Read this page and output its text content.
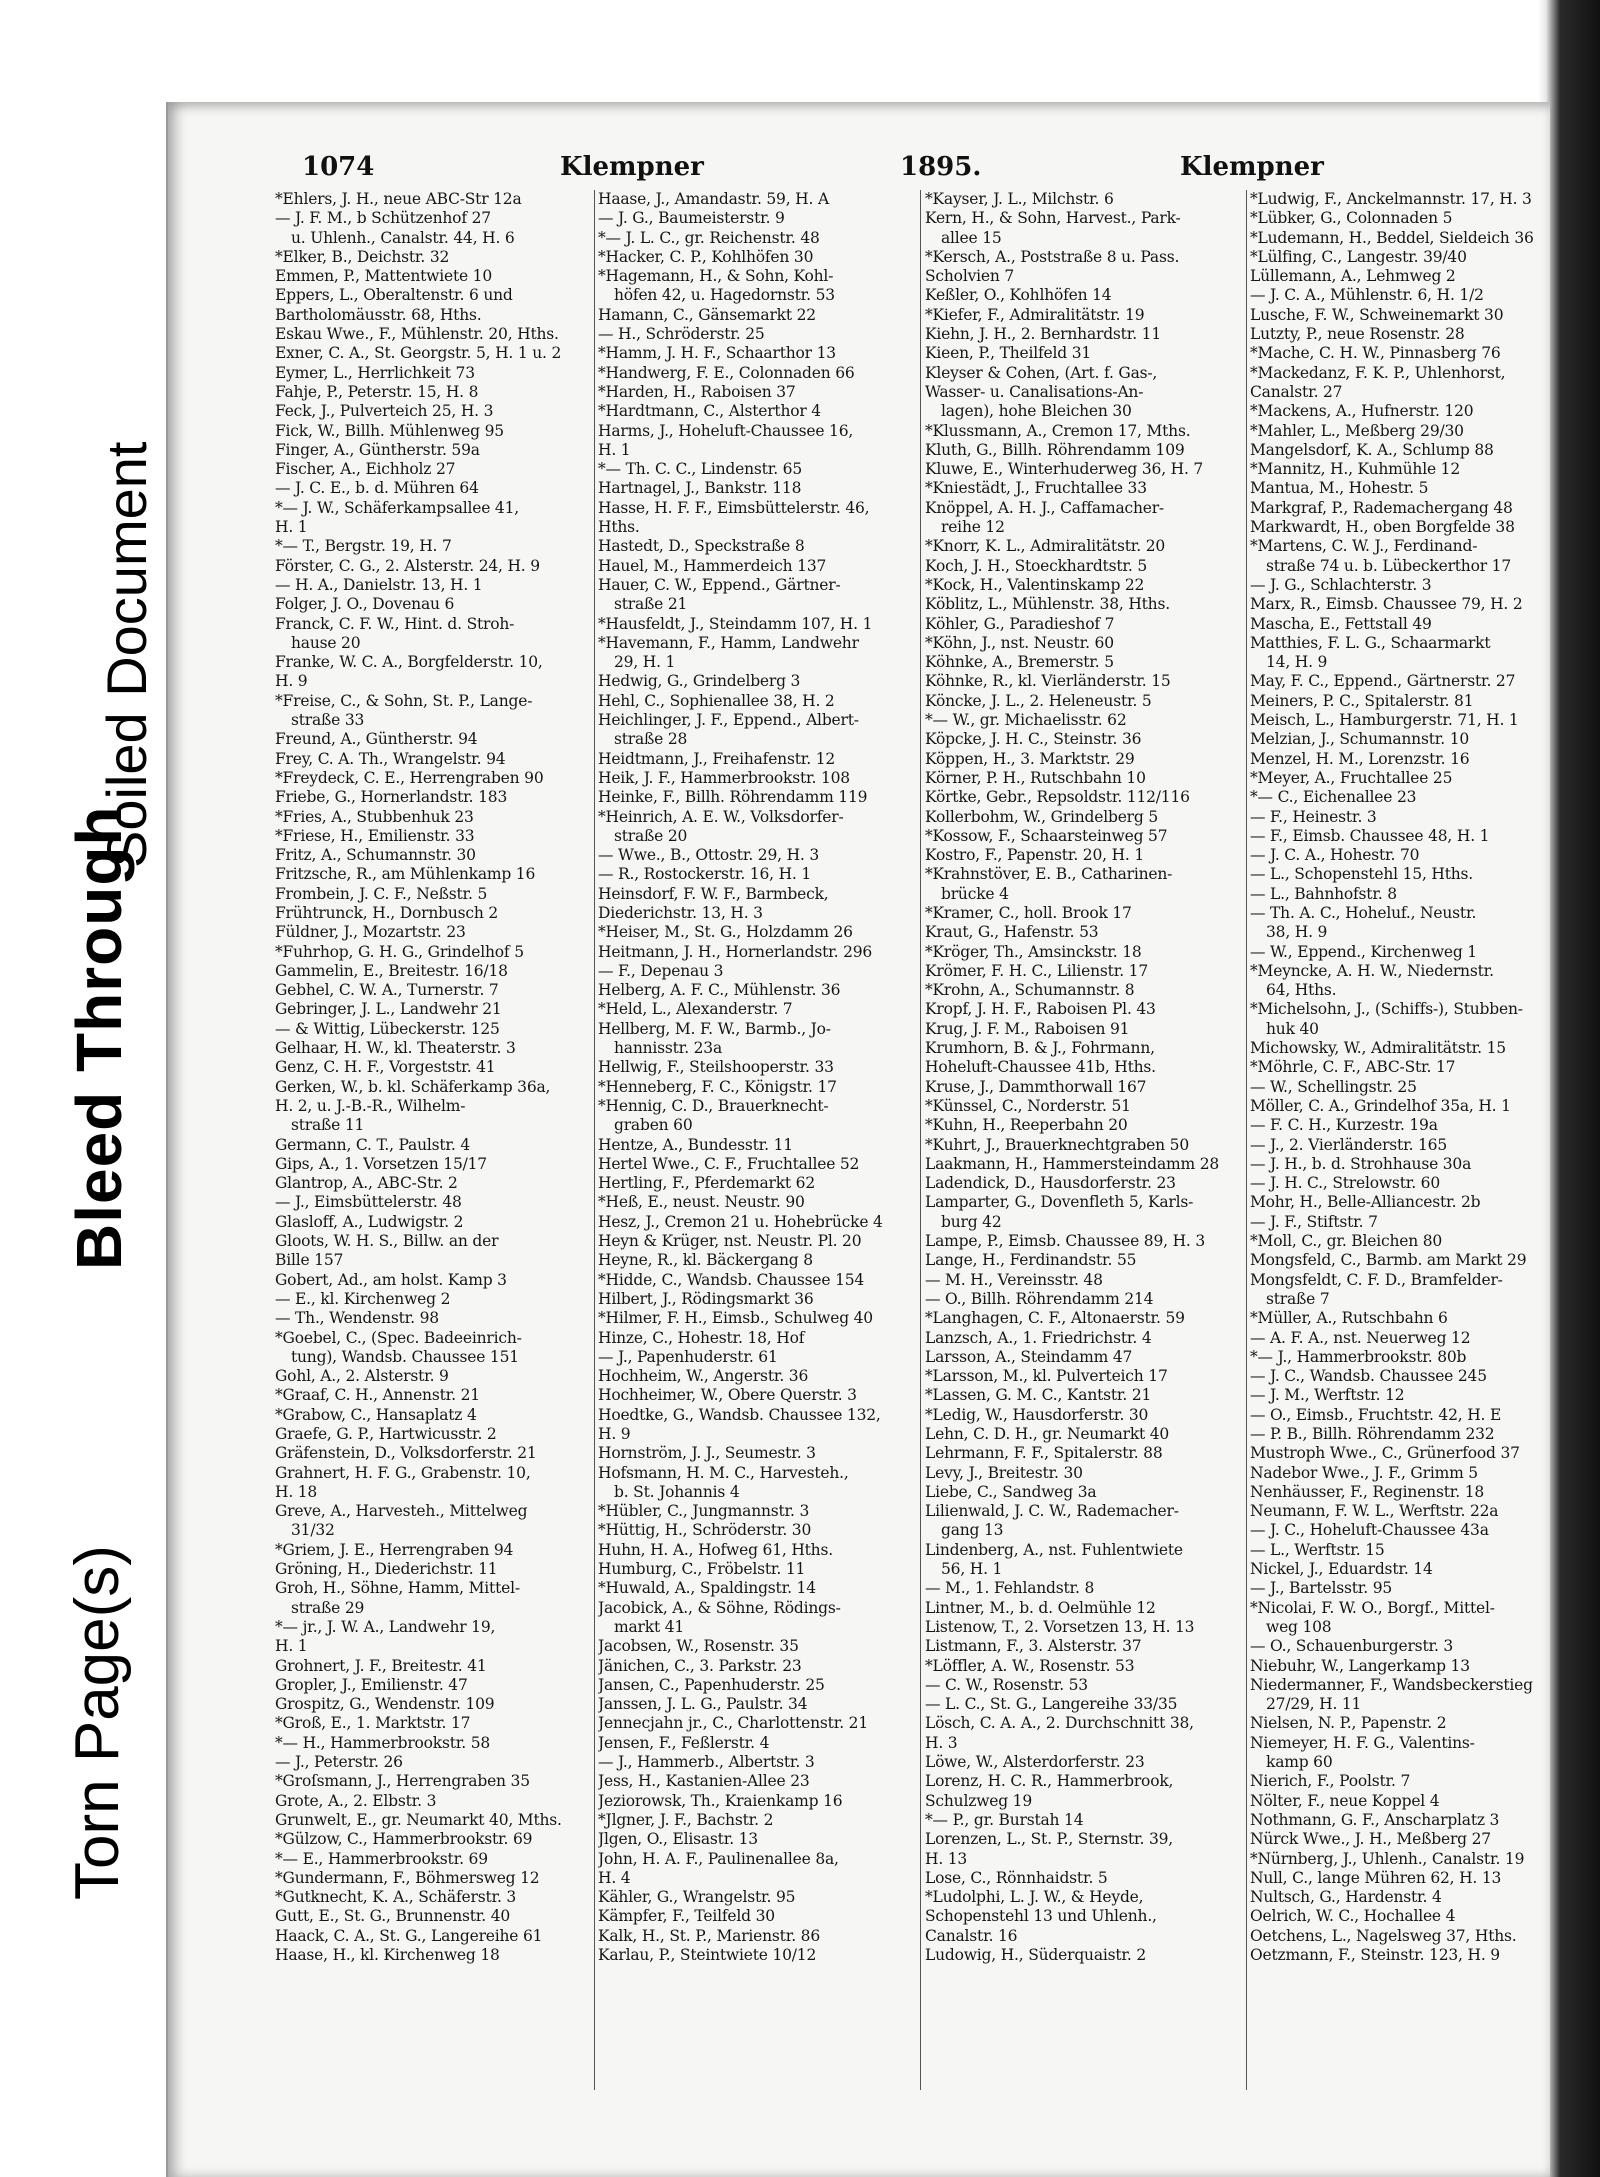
Bleed Through
Soiled Document
Torn Page(s)
1074	Klempner	1895.	Klempner
*Ehlers, J. H., neue ABC-Str 12a
— J. F. M., b Schützenhof 27
u. Uhlenh., Canalstr. 44, H. 6
*Elker, B., Deichstr. 32
Emmen, P., Mattentwiete 10
Eppers, L., Oberaltenstr. 6 und
Bartholomäusstr. 68, Hths.
Eskau Wwe., F., Mühlenstr. 20, Hths.
Exner, C. A., St. Georgstr. 5, H. 1 u. 2
Eymer, L., Herrlichkeit 73
Fahje, P., Peterstr. 15, H. 8
Feck, J., Pulverteich 25, H. 3
Fick, W., Billh. Mühlenweg 95
Finger, A., Güntherstr. 59a
Fischer, A., Eichholz 27
— J. C. E., b. d. Mühren 64
*— J. W., Schäferkampsallee 41,
H. 1
*— T., Bergstr. 19, H. 7
Förster, C. G., 2. Alsterstr. 24, H. 9
— H. A., Danielstr. 13, H. 1
Folger, J. O., Dovenau 6
Franck, C. F. W., Hint. d. Stroh-
hause 20
Franke, W. C. A., Borgfelderstr. 10,
H. 9
*Freise, C., & Sohn, St. P., Lange-
straße 33
Freund, A., Güntherstr. 94
Frey, C. A. Th., Wrangelstr. 94
*Freydeck, C. E., Herrengraben 90
Friebe, G., Hornerlandstr. 183
*Fries, A., Stubbenhuk 23
*Friese, H., Emilienstr. 33
Fritz, A., Schumannstr. 30
Fritzsche, R., am Mühlenkamp 16
Frombein, J. C. F., Neßstr. 5
Frühtrunck, H., Dornbusch 2
Füldner, J., Mozartstr. 23
*Fuhrhop, G. H. G., Grindelhof 5
Gammelin, E., Breitestr. 16/18
Gebhel, C. W. A., Turnerstr. 7
Gebringer, J. L., Landwehr 21
— & Wittig, Lübeckerstr. 125
Gelhaar, H. W., kl. Theaterstr. 3
Genz, C. H. F., Vorgeststr. 41
Gerken, W., b. kl. Schäferkamp 36a,
H. 2, u. J.-B.-R., Wilhelm-
straße 11
Germann, C. T., Paulstr. 4
Gips, A., 1. Vorsetzen 15/17
Glantrop, A., ABC-Str. 2
— J., Eimsbüttelerstr. 48
Glasloff, A., Ludwigstr. 2
Gloots, W. H. S., Billw. an der
Bille 157
Gobert, Ad., am holst. Kamp 3
— E., kl. Kirchenweg 2
— Th., Wendenstr. 98
*Goebel, C., (Spec. Badeeinrich-
tung), Wandsb. Chaussee 151
Gohl, A., 2. Alsterstr. 9
*Graaf, C. H., Annenstr. 21
*Grabow, C., Hansaplatz 4
Graefe, G. P., Hartwicusstr. 2
Gräfenstein, D., Volksdorferstr. 21
Grahnert, H. F. G., Grabenstr. 10,
H. 18
Greve, A., Harvesteh., Mittelweg
31/32
*Griem, J. E., Herrengraben 94
Gröning, H., Diederichstr. 11
Groh, H., Söhne, Hamm, Mittel-
straße 29
*— jr., J. W. A., Landwehr 19,
H. 1
Grohnert, J. F., Breitestr. 41
Gropler, J., Emilienstr. 47
Grospitz, G., Wendenstr. 109
*Groß, E., 1. Marktstr. 17
*— H., Hammerbrookstr. 58
— J., Peterstr. 26
*Groſsmann, J., Herrengraben 35
Grote, A., 2. Elbstr. 3
Grunwelt, E., gr. Neumarkt 40, Mths.
*Gülzow, C., Hammerbrookstr. 69
*— E., Hammerbrookstr. 69
*Gundermann, F., Böhmersweg 12
*Gutknecht, K. A., Schäferstr. 3
Gutt, E., St. G., Brunnenstr. 40
Haack, C. A., St. G., Langereihe 61
Haase, H., kl. Kirchenweg 18
Haase, J., Amandastr. 59, H. A
— J. G., Baumeisterstr. 9
*— J. L. C., gr. Reichenstr. 48
*Hacker, C. P., Kohlhöfen 30
*Hagemann, H., & Sohn, Kohl-
höfen 42, u. Hagedornstr. 53
Hamann, C., Gänsemarkt 22
— H., Schröderstr. 25
*Hamm, J. H. F., Schaarthor 13
*Handwerg, F. E., Colonnaden 66
*Harden, H., Raboisen 37
*Hardtmann, C., Alsterthor 4
Harms, J., Hoheluft-Chaussee 16,
H. 1
*— Th. C. C., Lindenstr. 65
Hartnagel, J., Bankstr. 118
Hasse, H. F. F., Eimsbüttelerstr. 46,
Hths.
Hastedt, D., Speckstraße 8
Hauel, M., Hammerdeich 137
Hauer, C. W., Eppend., Gärtner-
straße 21
*Hausfeldt, J., Steindamm 107, H. 1
*Havemann, F., Hamm, Landwehr
29, H. 1
Hedwig, G., Grindelberg 3
Hehl, C., Sophienallee 38, H. 2
Heichlinger, J. F., Eppend., Albert-
straße 28
Heidtmann, J., Freihafenstr. 12
Heik, J. F., Hammerbrookstr. 108
Heinke, F., Billh. Röhrendamm 119
*Heinrich, A. E. W., Volksdorfer-
straße 20
— Wwe., B., Ottostr. 29, H. 3
— R., Rostockerstr. 16, H. 1
Heinsdorf, F. W. F., Barmbeck,
Diederichstr. 13, H. 3
*Heiser, M., St. G., Holzdamm 26
Heitmann, J. H., Hornerlandstr. 296
— F., Depenau 3
Helberg, A. F. C., Mühlenstr. 36
*Held, L., Alexanderstr. 7
Hellberg, M. F. W., Barmb., Jo-
hannisstr. 23a
Hellwig, F., Steilshooperstr. 33
*Henneberg, F. C., Königstr. 17
*Hennig, C. D., Brauerknecht-
graben 60
Hentze, A., Bundesstr. 11
Hertel Wwe., C. F., Fruchtallee 52
Hertling, F., Pferdemarkt 62
*Heß, E., neust. Neustr. 90
Hesz, J., Cremon 21 u. Hohebrücke 4
Heyn & Krüger, nst. Neustr. Pl. 20
Heyne, R., kl. Bäckergang 8
*Hidde, C., Wandsb. Chaussee 154
Hilbert, J., Rödingsmarkt 36
*Hilmer, F. H., Eimsb., Schulweg 40
Hinze, C., Hohestr. 18, Hof
— J., Papenhuderstr. 61
Hochheim, W., Angerstr. 36
Hochheimer, W., Obere Querstr. 3
Hoedtke, G., Wandsb. Chaussee 132,
H. 9
Hornström, J. J., Seumestr. 3
Hofsmann, H. M. C., Harvesteh.,
b. St. Johannis 4
*Hübler, C., Jungmannstr. 3
*Hüttig, H., Schröderstr. 30
Huhn, H. A., Hofweg 61, Hths.
Humburg, C., Fröbelstr. 11
*Huwald, A., Spaldingstr. 14
Jacobick, A., & Söhne, Rödings-
markt 41
Jacobsen, W., Rosenstr. 35
Jänichen, C., 3. Parkstr. 23
Jansen, C., Papenhuderstr. 25
Janssen, J. L. G., Paulstr. 34
Jennecjahn jr., C., Charlottenstr. 21
Jensen, F., Feßlerstr. 4
— J., Hammerb., Albertstr. 3
Jess, H., Kastanien-Allee 23
Jeziorowsk, Th., Kraienkamp 16
*Jlgner, J. F., Bachstr. 2
Jlgen, O., Elisastr. 13
John, H. A. F., Paulinenallee 8a,
H. 4
Kähler, G., Wrangelstr. 95
Kämpfer, F., Teilfeld 30
Kalk, H., St. P., Marienstr. 86
Karlau, P., Steintwiete 10/12
*Kayser, J. L., Milchstr. 6
Kern, H., & Sohn, Harvest., Park-
allee 15
*Kersch, A., Poststraße 8 u. Pass.
Scholvien 7
Keßler, O., Kohlhöfen 14
*Kiefer, F., Admiralitätstr. 19
Kiehn, J. H., 2. Bernhardstr. 11
Kieen, P., Theilfeld 31
Kleyser & Cohen, (Art. f. Gas-,
Wasser- u. Canalisations-An-
lagen), hohe Bleichen 30
*Klussmann, A., Cremon 17, Mths.
Kluth, G., Billh. Röhrendamm 109
Kluwe, E., Winterhuderweg 36, H. 7
*Kniestädt, J., Fruchtallee 33
Knöppel, A. H. J., Caffamacher-
reihe 12
*Knorr, K. L., Admiralitätstr. 20
Koch, J. H., Stoeckhardtstr. 5
*Kock, H., Valentinskamp 22
Köblitz, L., Mühlenstr. 38, Hths.
Köhler, G., Paradieshof 7
*Köhn, J., nst. Neustr. 60
Köhnke, A., Bremerstr. 5
Köhnke, R., kl. Vierländerstr. 15
Köncke, J. L., 2. Heleneustr. 5
*— W., gr. Michaelisstr. 62
Köpcke, J. H. C., Steinstr. 36
Köppen, H., 3. Marktstr. 29
Körner, P. H., Rutschbahn 10
Körtke, Gebr., Repsoldstr. 112/116
Kollerbohm, W., Grindelberg 5
*Kossow, F., Schaarsteinweg 57
Kostro, F., Papenstr. 20, H. 1
*Krahnstöver, E. B., Catharinen-
brücke 4
*Kramer, C., holl. Brook 17
Kraut, G., Hafenstr. 53
*Kröger, Th., Amsinckstr. 18
Krömer, F. H. C., Lilienstr. 17
*Krohn, A., Schumannstr. 8
Kropf, J. H. F., Raboisen Pl. 43
Krug, J. F. M., Raboisen 91
Krumhorn, B. & J., Fohrmann,
Hoheluft-Chaussee 41b, Hths.
Kruse, J., Dammthorwall 167
*Künssel, C., Norderstr. 51
*Kuhn, H., Reeperbahn 20
*Kuhrt, J., Brauerknechtgraben 50
Laakmann, H., Hammersteindamm 28
Ladendick, D., Hausdorferstr. 23
Lamparter, G., Dovenfleth 5, Karls-
burg 42
Lampe, P., Eimsb. Chaussee 89, H. 3
Lange, H., Ferdinandstr. 55
— M. H., Vereinsstr. 48
— O., Billh. Röhrendamm 214
*Langhagen, C. F., Altonaerstr. 59
Lanzsch, A., 1. Friedrichstr. 4
Larsson, A., Steindamm 47
*Larsson, M., kl. Pulverteich 17
*Lassen, G. M. C., Kantstr. 21
*Ledig, W., Hausdorferstr. 30
Lehn, C. D. H., gr. Neumarkt 40
Lehrmann, F. F., Spitalerstr. 88
Levy, J., Breitestr. 30
Liebe, C., Sandweg 3a
Lilienwald, J. C. W., Rademacher-
gang 13
Lindenberg, A., nst. Fuhlentwiete
56, H. 1
— M., 1. Fehlandstr. 8
Lintner, M., b. d. Oelmühle 12
Listenow, T., 2. Vorsetzen 13, H. 13
Listmann, F., 3. Alsterstr. 37
*Löffler, A. W., Rosenstr. 53
— C. W., Rosenstr. 53
— L. C., St. G., Langereihe 33/35
Lösch, C. A. A., 2. Durchschnitt 38,
H. 3
Löwe, W., Alsterdorferstr. 23
Lorenz, H. C. R., Hammerbrook,
Schulzweg 19
*— P., gr. Burstah 14
Lorenzen, L., St. P., Sternstr. 39,
H. 13
Lose, C., Rönnhaidstr. 5
*Ludolphi, L. J. W., & Heyde,
Schopenstehl 13 und Uhlenh.,
Canalstr. 16
Ludowig, H., Süderquaistr. 2
*Ludwig, F., Anckelmannstr. 17, H. 3
*Lübker, G., Colonnaden 5
*Ludemann, H., Beddel, Sieldeich 36
*Lülfing, C., Langestr. 39/40
Lüllemann, A., Lehmweg 2
— J. C. A., Mühlenstr. 6, H. 1/2
Lusche, F. W., Schweinemarkt 30
Lutzty, P., neue Rosenstr. 28
*Mache, C. H. W., Pinnasberg 76
*Mackedanz, F. K. P., Uhlenhorst,
Canalstr. 27
*Mackens, A., Hufnerstr. 120
*Mahler, L., Meßberg 29/30
Mangelsdorf, K. A., Schlump 88
*Mannitz, H., Kuhmühle 12
Mantua, M., Hohestr. 5
Markgraf, P., Rademachergang 48
Markwardt, H., oben Borgfelde 38
*Martens, C. W. J., Ferdinand-
straße 74 u. b. Lübeckerthor 17
— J. G., Schlachterstr. 3
Marx, R., Eimsb. Chaussee 79, H. 2
Mascha, E., Fettstall 49
Matthies, F. L. G., Schaarmarkt
14, H. 9
May, F. C., Eppend., Gärtnerstr. 27
Meiners, P. C., Spitalerstr. 81
Meisch, L., Hamburgerstr. 71, H. 1
Melzian, J., Schumannstr. 10
Menzel, H. M., Lorenzstr. 16
*Meyer, A., Fruchtallee 25
*— C., Eichenallee 23
— F., Heinestr. 3
— F., Eimsb. Chaussee 48, H. 1
— J. C. A., Hohestr. 70
— L., Schopenstehl 15, Hths.
— L., Bahnhofstr. 8
— Th. A. C., Hoheluf., Neustr.
38, H. 9
— W., Eppend., Kirchenweg 1
*Meyncke, A. H. W., Niedernstr.
64, Hths.
*Michelsohn, J., (Schiffs-), Stubben-
huk 40
Michowsky, W., Admiralitätstr. 15
*Möhrle, C. F., ABC-Str. 17
— W., Schellingstr. 25
Möller, C. A., Grindelhof 35a, H. 1
— F. C. H., Kurzestr. 19a
— J., 2. Vierländerstr. 165
— J. H., b. d. Strohhause 30a
— J. H. C., Strelowstr. 60
Mohr, H., Belle-Alliancestr. 2b
— J. F., Stiftstr. 7
*Moll, C., gr. Bleichen 80
Mongsfeld, C., Barmb. am Markt 29
Mongsfeldt, C. F. D., Bramfelder-
straße 7
*Müller, A., Rutschbahn 6
— A. F. A., nst. Neuerweg 12
*— J., Hammerbrookstr. 80b
— J. C., Wandsb. Chaussee 245
— J. M., Werftstr. 12
— O., Eimsb., Fruchtstr. 42, H. E
— P. B., Billh. Röhrendamm 232
Mustroph Wwe., C., Grünerfood 37
Nadebor Wwe., J. F., Grimm 5
Nenhäusser, F., Reginenstr. 18
Neumann, F. W. L., Werftstr. 22a
— J. C., Hoheluft-Chaussee 43a
— L., Werftstr. 15
Nickel, J., Eduardstr. 14
— J., Bartelsstr. 95
*Nicolai, F. W. O., Borgf., Mittel-
weg 108
— O., Schauenburgerstr. 3
Niebuhr, W., Langerkamp 13
Niedermanner, F., Wandsbeckerstieg
27/29, H. 11
Nielsen, N. P., Papenstr. 2
Niemeyer, H. F. G., Valentins-
kamp 60
Nierich, F., Poolstr. 7
Nölter, F., neue Koppel 4
Nothmann, G. F., Anscharplatz 3
Nürck Wwe., J. H., Meßberg 27
*Nürnberg, J., Uhlenh., Canalstr. 19
Null, C., lange Mühren 62, H. 13
Nultsch, G., Hardenstr. 4
Oelrich, W. C., Hochallee 4
Oetchens, L., Nagelsweg 37, Hths.
Oetzmann, F., Steinstr. 123, H. 9
